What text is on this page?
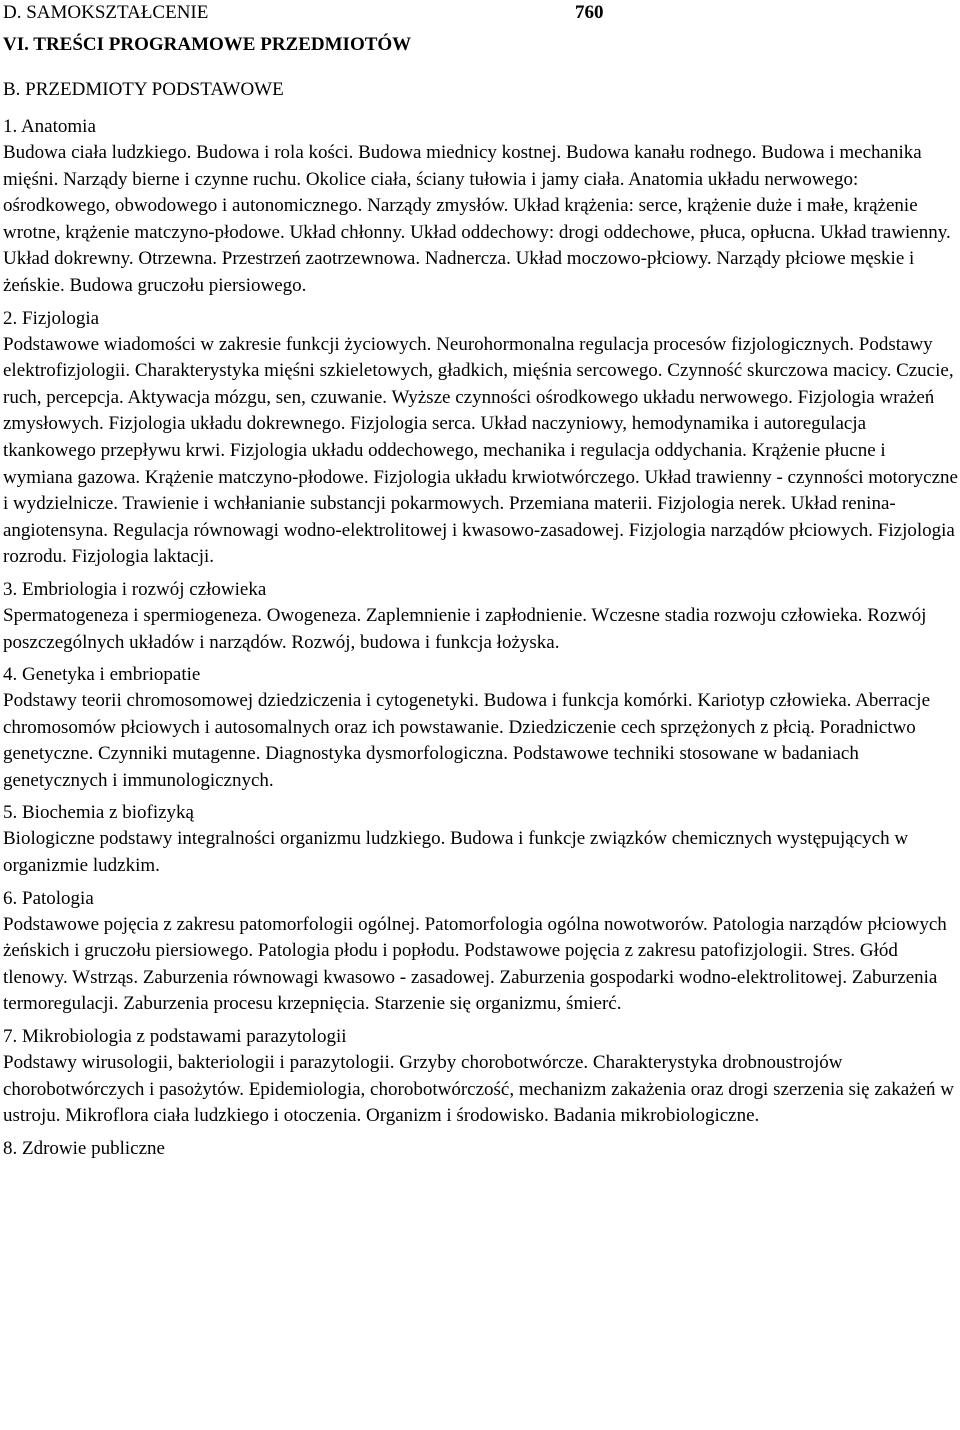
D. SAMOKSZTAŁCENIE	760
VI. TREŚCI PROGRAMOWE PRZEDMIOTÓW
B. PRZEDMIOTY PODSTAWOWE
1. Anatomia
Budowa ciała ludzkiego. Budowa i rola kości. Budowa miednicy kostnej. Budowa kanału rodnego. Budowa i mechanika mięśni. Narządy bierne i czynne ruchu. Okolice ciała, ściany tułowia i jamy ciała. Anatomia układu nerwowego: ośrodkowego, obwodowego i autonomicznego. Narządy zmysłów. Układ krążenia: serce, krążenie duże i małe, krążenie wrotne, krążenie matczyno-płodowe. Układ chłonny. Układ oddechowy: drogi oddechowe, płuca, opłucna. Układ trawienny. Układ dokrewny. Otrzewna. Przestrzeń zaotrzewnowa. Nadnercza. Układ moczowo-płciowy. Narządy płciowe męskie i żeńskie. Budowa gruczołu piersiowego.
2. Fizjologia
Podstawowe wiadomości w zakresie funkcji życiowych. Neurohormonalna regulacja procesów fizjologicznych. Podstawy elektrofizjologii. Charakterystyka mięśni szkieletowych, gładkich, mięśnia sercowego. Czynność skurczowa macicy. Czucie, ruch, percepcja. Aktywacja mózgu, sen, czuwanie. Wyższe czynności ośrodkowego układu nerwowego. Fizjologia wrażeń zmysłowych. Fizjologia układu dokrewnego. Fizjologia serca. Układ naczyniowy, hemodynamika i autoregulacja tkankowego przepływu krwi. Fizjologia układu oddechowego, mechanika i regulacja oddychania. Krążenie płucne i wymiana gazowa. Krążenie matczyno-płodowe. Fizjologia układu krwiotwórczego. Układ trawienny - czynności motoryczne i wydzielnicze. Trawienie i wchłanianie substancji pokarmowych. Przemiana materii. Fizjologia nerek. Układ renina-angiotensyna. Regulacja równowagi wodno-elektrolitowej i kwasowo-zasadowej. Fizjologia narządów płciowych. Fizjologia rozrodu. Fizjologia laktacji.
3. Embriologia i rozwój człowieka
Spermatogeneza i spermiogeneza. Owogeneza. Zaplemnienie i zapłodnienie. Wczesne stadia rozwoju człowieka. Rozwój poszczególnych układów i narządów. Rozwój, budowa i funkcja łożyska.
4. Genetyka i embriopatie
Podstawy teorii chromosomowej dziedziczenia i cytogenetyki. Budowa i funkcja komórki. Kariotyp człowieka. Aberracje chromosomów płciowych i autosomalnych oraz ich powstawanie. Dziedziczenie cech sprzężonych z płcią. Poradnictwo genetyczne. Czynniki mutagenne. Diagnostyka dysmorfologiczna. Podstawowe techniki stosowane w badaniach genetycznych i immunologicznych.
5. Biochemia z biofizyką
Biologiczne podstawy integralności organizmu ludzkiego. Budowa i funkcje związków chemicznych występujących w organizmie ludzkim.
6. Patologia
Podstawowe pojęcia z zakresu patomorfologii ogólnej. Patomorfologia ogólna nowotworów. Patologia narządów płciowych żeńskich i gruczołu piersiowego. Patologia płodu i popłodu. Podstawowe pojęcia z zakresu patofizjologii. Stres. Głód tlenowy. Wstrząs. Zaburzenia równowagi kwasowo - zasadowej. Zaburzenia gospodarki wodno-elektrolitowej. Zaburzenia termoregulacji. Zaburzenia procesu krzepnięcia. Starzenie się organizmu, śmierć.
7. Mikrobiologia z podstawami parazytologii
Podstawy wirusologii, bakteriologii i parazytologii. Grzyby chorobotwórcze. Charakterystyka drobnoustrojów chorobotwórczych i pasożytów. Epidemiologia, chorobotwórczość, mechanizm zakażenia oraz drogi szerzenia się zakażeń w ustroju. Mikroflora ciała ludzkiego i otoczenia. Organizm i środowisko. Badania mikrobiologiczne.
8. Zdrowie publiczne
